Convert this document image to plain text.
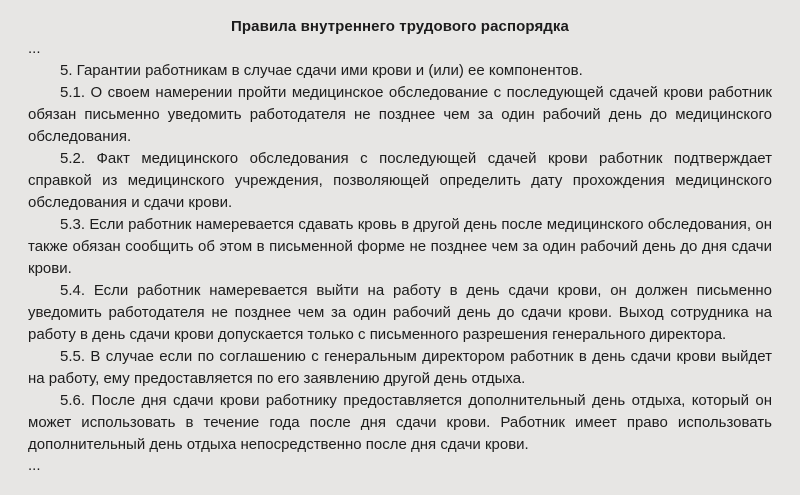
Правила внутреннего трудового распорядка
...

5. Гарантии работникам в случае сдачи ими крови и (или) ее компонентов.

5.1. О своем намерении пройти медицинское обследование с последующей сдачей крови работник обязан письменно уведомить работодателя не позднее чем за один рабочий день до медицинского обследования.

5.2. Факт медицинского обследования с последующей сдачей крови работник подтверждает справкой из медицинского учреждения, позволяющей определить дату прохождения медицинского обследования и сдачи крови.

5.3. Если работник намеревается сдавать кровь в другой день после медицинского обследования, он также обязан сообщить об этом в письменной форме не позднее чем за один рабочий день до дня сдачи крови.

5.4. Если работник намеревается выйти на работу в день сдачи крови, он должен письменно уведомить работодателя не позднее чем за один рабочий день до сдачи крови. Выход сотрудника на работу в день сдачи крови допускается только с письменного разрешения генерального директора.

5.5. В случае если по соглашению с генеральным директором работник в день сдачи крови выйдет на работу, ему предоставляется по его заявлению другой день отдыха.

5.6. После дня сдачи крови работнику предоставляется дополнительный день отдыха, который он может использовать в течение года после дня сдачи крови. Работник имеет право использовать дополнительный день отдыха непосредственно после дня сдачи крови.

...
